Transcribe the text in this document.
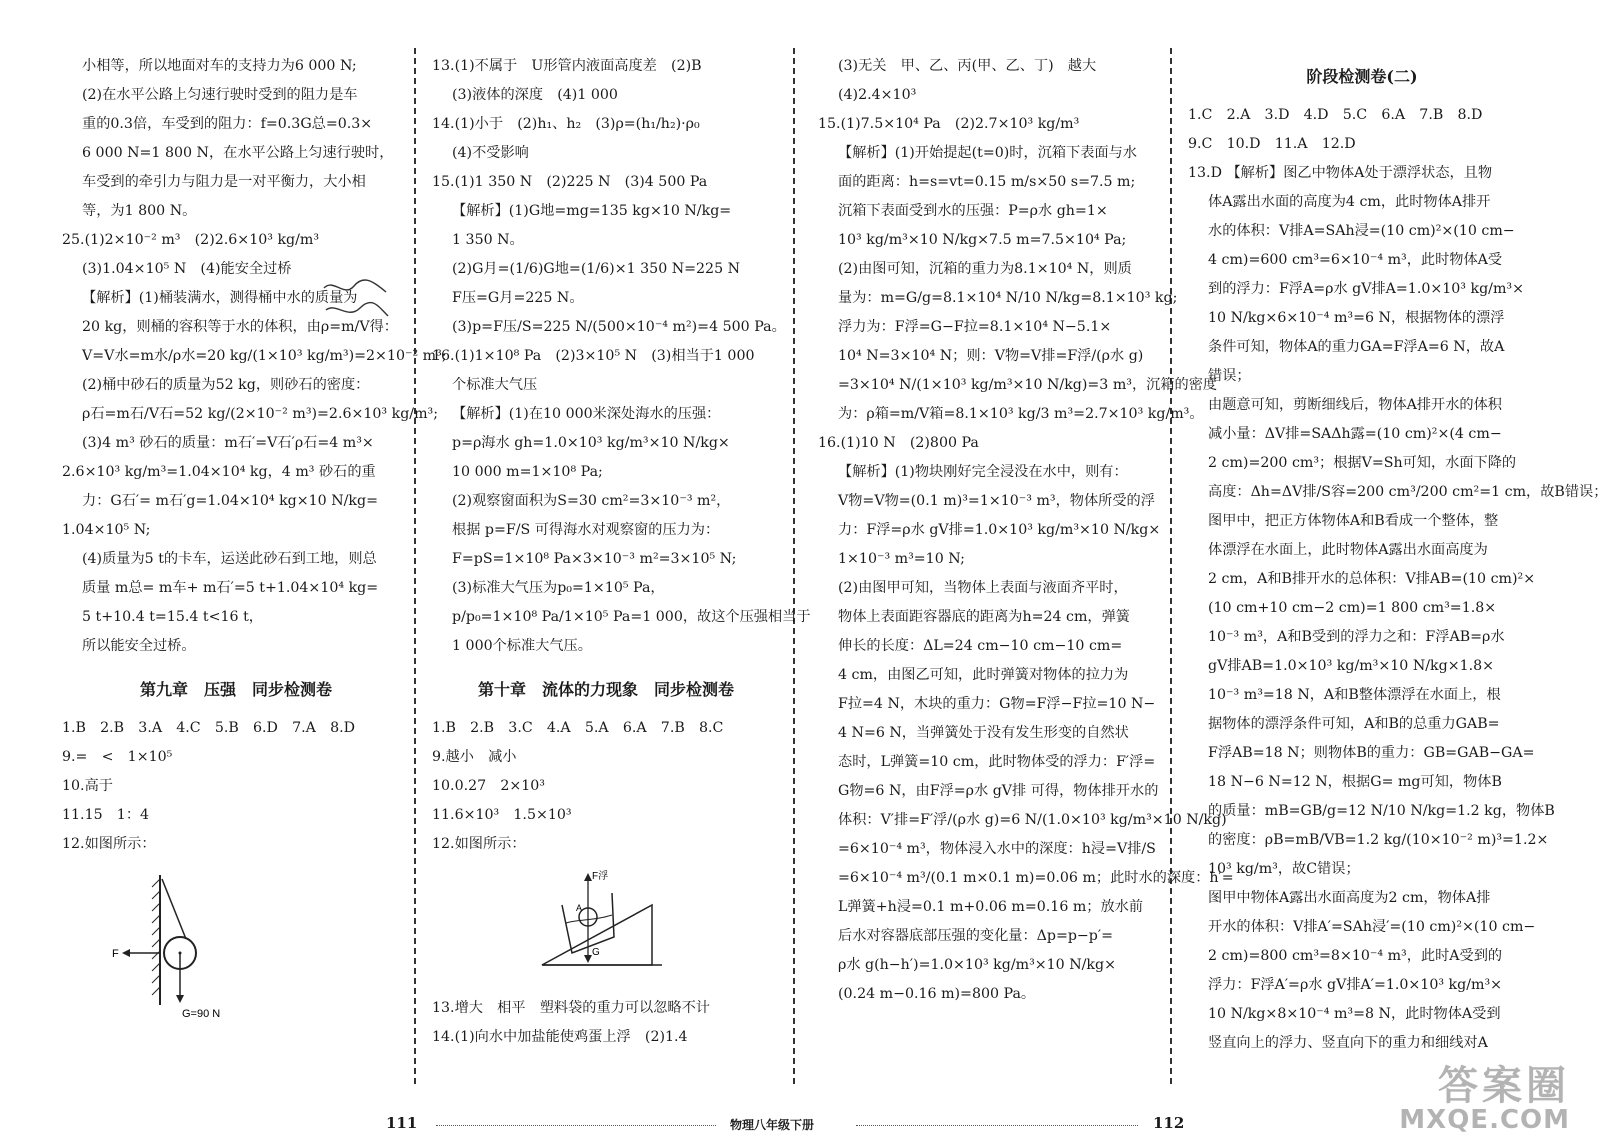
小相等，所以地面对车的支持力为6 000 N;
(2)在水平公路上匀速行驶时受到的阻力是车
重的0.3倍，车受到的阻力：f=0.3G总=0.3×
6 000 N=1 800 N，在水平公路上匀速行驶时，
车受到的牵引力与阻力是一对平衡力，大小相
等，为1 800 N。
25.(1)2×10⁻² m³　(2)2.6×10³ kg/m³
(3)1.04×10⁵ N　(4)能安全过桥
【解析】(1)桶装满水，测得桶中水的质量为
20 kg，则桶的容积等于水的体积，由ρ=m/V得：
V=V水=m水/ρ水=20 kg/(1×10³ kg/m³)=2×10⁻² m³;
(2)桶中砂石的质量为52 kg，则砂石的密度：
ρ石=m石/V石=52 kg/(2×10⁻² m³)=2.6×10³ kg/m³;
(3)4 m³ 砂石的质量：m石′=V石′ρ石=4 m³×
2.6×10³ kg/m³=1.04×10⁴ kg，4 m³ 砂石的重
力：G石′= m石′g=1.04×10⁴ kg×10 N/kg=
1.04×10⁵ N;
(4)质量为5 t的卡车，运送此砂石到工地，则总
质量 m总= m车+ m石′=5 t+1.04×10⁴ kg=
5 t+10.4 t=15.4 t<16 t，
所以能安全过桥。
第九章　压强　同步检测卷
1.B　2.B　3.A　4.C　5.B　6.D　7.A　8.D
9.=　<　1×10⁵
10.高于
11.15　1：4
12.如图所示：
F
G=90 N
13.(1)不属于　U形管内液面高度差　(2)B
(3)液体的深度　(4)1 000
14.(1)小于　(2)h₁、h₂　(3)ρ=(h₁/h₂)·ρ₀
(4)不受影响
15.(1)1 350 N　(2)225 N　(3)4 500 Pa
【解析】(1)G地=mg=135 kg×10 N/kg=
1 350 N。
(2)G月=(1/6)G地=(1/6)×1 350 N=225 N
F压=G月=225 N。
(3)p=F压/S=225 N/(500×10⁻⁴ m²)=4 500 Pa。
16.(1)1×10⁸ Pa　(2)3×10⁵ N　(3)相当于1 000
个标准大气压
【解析】(1)在10 000米深处海水的压强：
p=ρ海水 gh=1.0×10³ kg/m³×10 N/kg×
10 000 m=1×10⁸ Pa;
(2)观察窗面积为S=30 cm²=3×10⁻³ m²，
根据 p=F/S 可得海水对观察窗的压力为：
F=pS=1×10⁸ Pa×3×10⁻³ m²=3×10⁵ N;
(3)标准大气压为p₀=1×10⁵ Pa，
p/p₀=1×10⁸ Pa/1×10⁵ Pa=1 000，故这个压强相当于
1 000个标准大气压。
第十章　流体的力现象　同步检测卷
1.B　2.B　3.C　4.A　5.A　6.A　7.B　8.C
9.越小　减小
10.0.27　2×10³
11.6×10³　1.5×10³
12.如图所示：
F浮
G
A
13.增大　相平　塑料袋的重力可以忽略不计
14.(1)向水中加盐能使鸡蛋上浮　(2)1.4
(3)无关　甲、乙、丙(甲、乙、丁)　越大
(4)2.4×10³
15.(1)7.5×10⁴ Pa　(2)2.7×10³ kg/m³
【解析】(1)开始提起(t=0)时，沉箱下表面与水
面的距离：h=s=vt=0.15 m/s×50 s=7.5 m;
沉箱下表面受到水的压强：P=ρ水 gh=1×
10³ kg/m³×10 N/kg×7.5 m=7.5×10⁴ Pa;
(2)由图可知，沉箱的重力为8.1×10⁴ N，则质
量为：m=G/g=8.1×10⁴ N/10 N/kg=8.1×10³ kg;
浮力为：F浮=G−F拉=8.1×10⁴ N−5.1×
10⁴ N=3×10⁴ N；则：V物=V排=F浮/(ρ水 g)
=3×10⁴ N/(1×10³ kg/m³×10 N/kg)=3 m³，沉箱的密度
为：ρ箱=m/V箱=8.1×10³ kg/3 m³=2.7×10³ kg/m³。
16.(1)10 N　(2)800 Pa
【解析】(1)物块刚好完全浸没在水中，则有：
V物=V物=(0.1 m)³=1×10⁻³ m³，物体所受的浮
力：F浮=ρ水 gV排=1.0×10³ kg/m³×10 N/kg×
1×10⁻³ m³=10 N;
(2)由图甲可知，当物体上表面与液面齐平时，
物体上表面距容器底的距离为h=24 cm，弹簧
伸长的长度：ΔL=24 cm−10 cm−10 cm=
4 cm，由图乙可知，此时弹簧对物体的拉力为
F拉=4 N，木块的重力：G物=F浮−F拉=10 N−
4 N=6 N，当弹簧处于没有发生形变的自然状
态时，L弹簧=10 cm，此时物体受的浮力：F′浮=
G物=6 N，由F浮=ρ水 gV排 可得，物体排开水的
体积：V′排=F′浮/(ρ水 g)=6 N/(1.0×10³ kg/m³×10 N/kg)
=6×10⁻⁴ m³，物体浸入水中的深度：h浸=V排/S
=6×10⁻⁴ m³/(0.1 m×0.1 m)=0.06 m；此时水的深度：h′=
L弹簧+h浸=0.1 m+0.06 m=0.16 m；放水前
后水对容器底部压强的变化量：Δp=p−p′=
ρ水 g(h−h′)=1.0×10³ kg/m³×10 N/kg×
(0.24 m−0.16 m)=800 Pa。
阶段检测卷(二)
1.C　2.A　3.D　4.D　5.C　6.A　7.B　8.D
9.C　10.D　11.A　12.D
13.D 【解析】图乙中物体A处于漂浮状态，且物
体A露出水面的高度为4 cm，此时物体A排开
水的体积：V排A=SAh浸=(10 cm)²×(10 cm−
4 cm)=600 cm³=6×10⁻⁴ m³，此时物体A受
到的浮力：F浮A=ρ水 gV排A=1.0×10³ kg/m³×
10 N/kg×6×10⁻⁴ m³=6 N，根据物体的漂浮
条件可知，物体A的重力GA=F浮A=6 N，故A
错误；
由题意可知，剪断细线后，物体A排开水的体积
减小量：ΔV排=SAΔh露=(10 cm)²×(4 cm−
2 cm)=200 cm³；根据V=Sh可知，水面下降的
高度：Δh=ΔV排/S容=200 cm³/200 cm²=1 cm，故B错误；
图甲中，把正方体物体A和B看成一个整体，整
体漂浮在水面上，此时物体A露出水面高度为
2 cm，A和B排开水的总体积：V排AB=(10 cm)²×
(10 cm+10 cm−2 cm)=1 800 cm³=1.8×
10⁻³ m³，A和B受到的浮力之和：F浮AB=ρ水
gV排AB=1.0×10³ kg/m³×10 N/kg×1.8×
10⁻³ m³=18 N，A和B整体漂浮在水面上，根
据物体的漂浮条件可知，A和B的总重力GAB=
F浮AB=18 N；则物体B的重力：GB=GAB−GA=
18 N−6 N=12 N，根据G= mg可知，物体B
的质量：mB=GB/g=12 N/10 N/kg=1.2 kg，物体B
的密度：ρB=mB/VB=1.2 kg/(10×10⁻² m)³=1.2×
10³ kg/m³，故C错误；
图甲中物体A露出水面高度为2 cm，物体A排
开水的体积：V排A′=SAh浸′=(10 cm)²×(10 cm−
2 cm)=800 cm³=8×10⁻⁴ m³，此时A受到的
浮力：F浮A′=ρ水 gV排A′=1.0×10³ kg/m³×
10 N/kg×8×10⁻⁴ m³=8 N，此时物体A受到
竖直向上的浮力、竖直向下的重力和细线对A
111	物理八年级下册	112
答案圈
MXQE.COM
